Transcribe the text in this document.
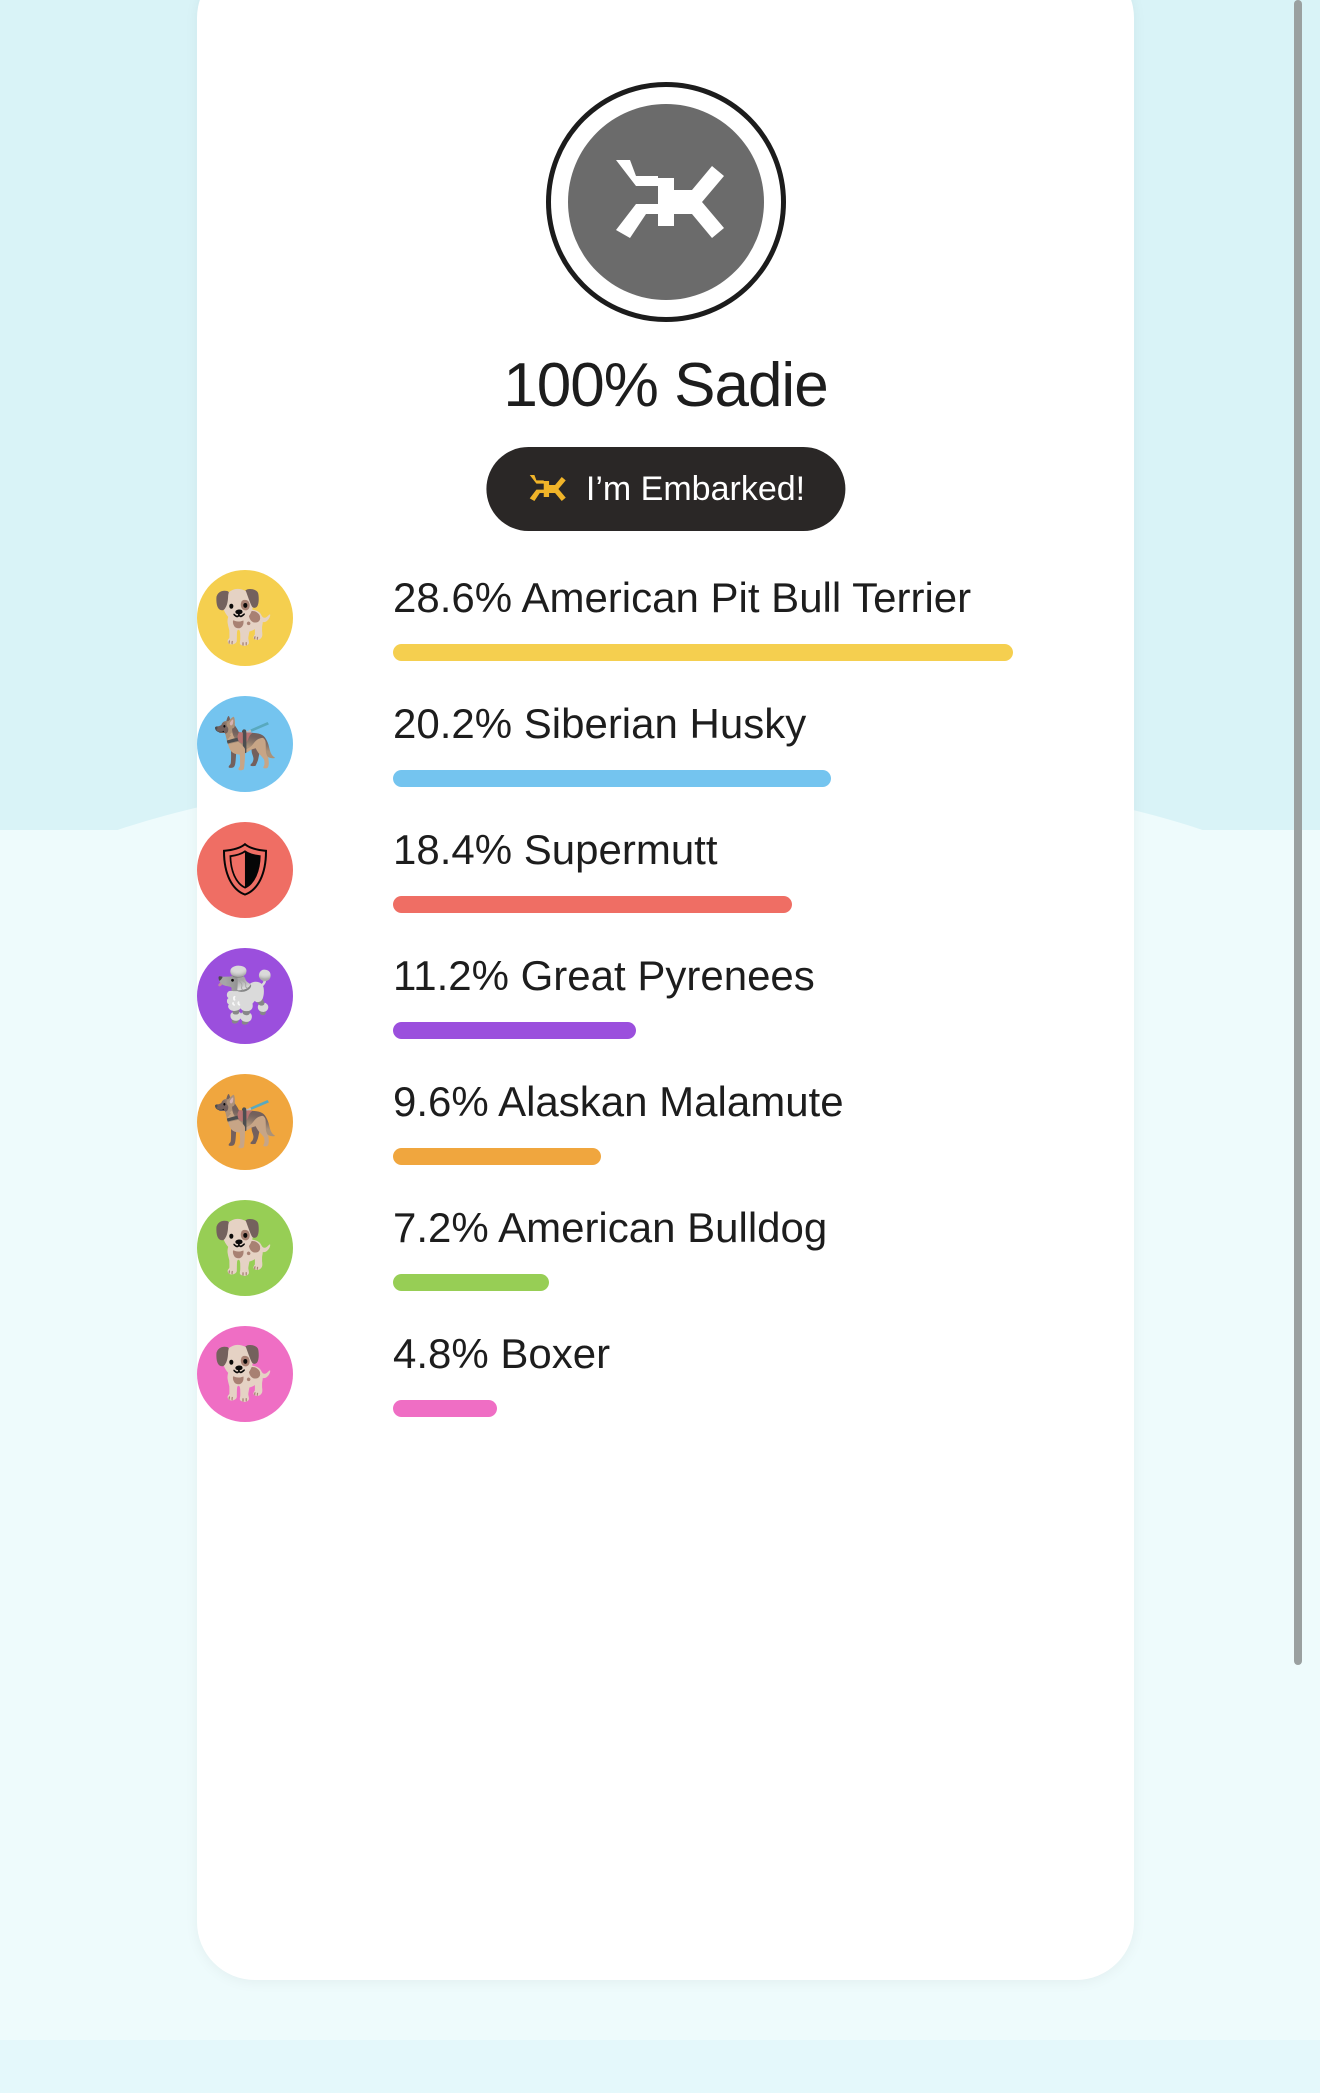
100% Sadie
I’m Embarked!
🐕	28.6% American Pit Bull Terrier
🐕‍🦺	20.2% Siberian Husky
🛡	18.4% Supermutt
🐩	11.2% Great Pyrenees
🐕‍🦺	9.6% Alaskan Malamute
🐕	7.2% American Bulldog
🐕	4.8% Boxer
